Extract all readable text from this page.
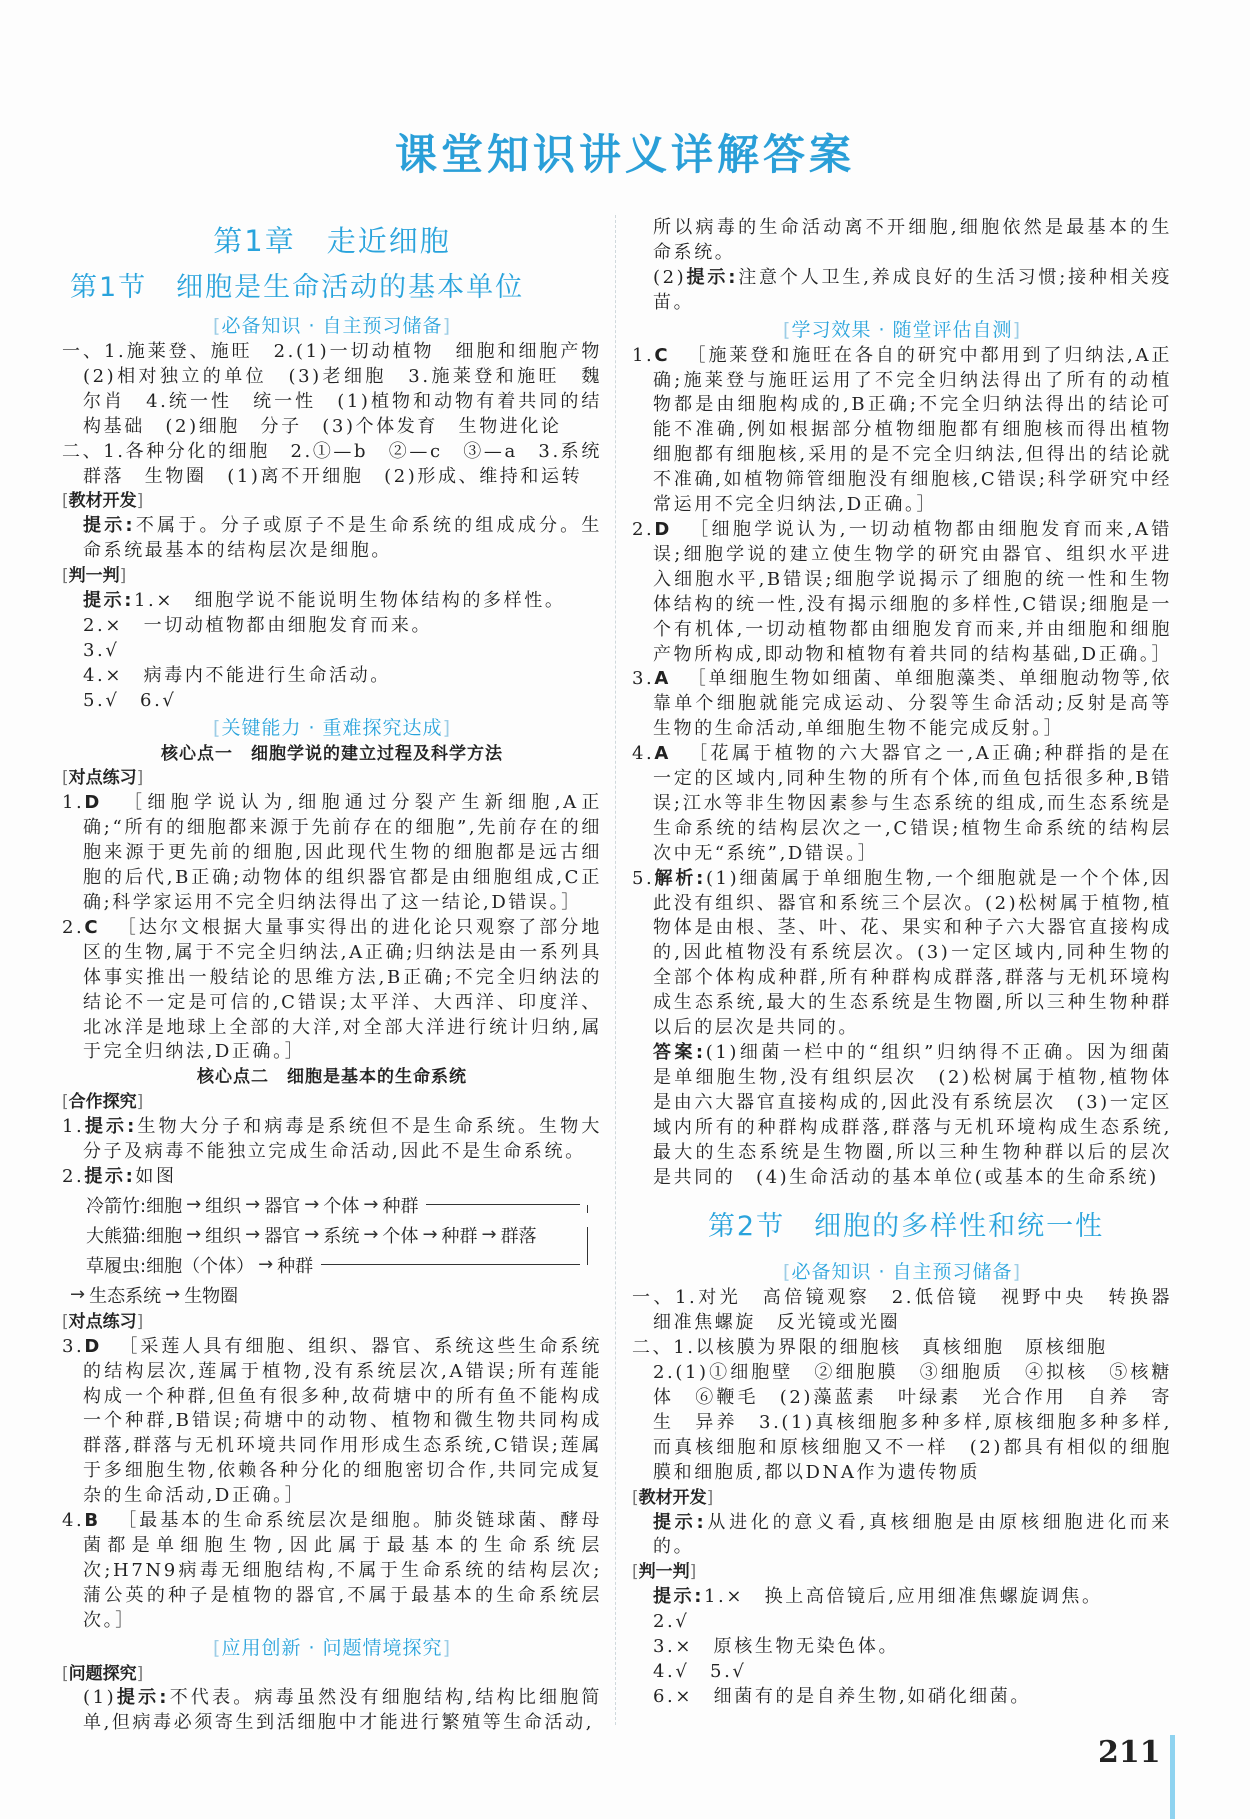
课堂知识讲义详解答案
第1章　走近细胞
第1节　细胞是生命活动的基本单位
[必备知识 · 自主预习储备]
一、1.施莱登、施旺　2.(1)一切动植物　细胞和细胞产物　(2)相对独立的单位　(3)老细胞　3.施莱登和施旺　魏尔肖　4.统一性　统一性　(1)植物和动物有着共同的结构基础　(2)细胞　分子　(3)个体发育　生物进化论
二、1.各种分化的细胞　2.①—b　②—c　③—a　3.系统　群落　生物圈　(1)离不开细胞　(2)形成、维持和运转
[教材开发]
提示:不属于。分子或原子不是生命系统的组成成分。生命系统最基本的结构层次是细胞。
[判一判]
提示:1.×　细胞学说不能说明生物体结构的多样性。
2.×　一切动植物都由细胞发育而来。
3.√
4.×　病毒内不能进行生命活动。
5.√　6.√
[关键能力 · 重难探究达成]
核心点一　细胞学说的建立过程及科学方法
[对点练习]
1.D ［细胞学说认为,细胞通过分裂产生新细胞,A正确;“所有的细胞都来源于先前存在的细胞”,先前存在的细胞来源于更先前的细胞,因此现代生物的细胞都是远古细胞的后代,B正确;动物体的组织器官都是由细胞组成,C正确;科学家运用不完全归纳法得出了这一结论,D错误。］
2.C ［达尔文根据大量事实得出的进化论只观察了部分地区的生物,属于不完全归纳法,A正确;归纳法是由一系列具体事实推出一般结论的思维方法,B正确;不完全归纳法的结论不一定是可信的,C错误;太平洋、大西洋、印度洋、北冰洋是地球上全部的大洋,对全部大洋进行统计归纳,属于完全归纳法,D正确。］
核心点二　细胞是基本的生命系统
[合作探究]
1.提示:生物大分子和病毒是系统但不是生命系统。生物大分子及病毒不能独立完成生命活动,因此不是生命系统。
2.提示:如图
冷箭竹: 细胞 → 组织 → 器官 → 个体 → 种群
大熊猫: 细胞 → 组织 → 器官 → 系统 → 个体 → 种群 → 群落
草履虫: 细胞（个体） → 种群
→ 生态系统 → 生物圈
[对点练习]
3.D ［采莲人具有细胞、组织、器官、系统这些生命系统的结构层次,莲属于植物,没有系统层次,A错误;所有莲能构成一个种群,但鱼有很多种,故荷塘中的所有鱼不能构成一个种群,B错误;荷塘中的动物、植物和微生物共同构成群落,群落与无机环境共同作用形成生态系统,C错误;莲属于多细胞生物,依赖各种分化的细胞密切合作,共同完成复杂的生命活动,D正确。］
4.B ［最基本的生命系统层次是细胞。肺炎链球菌、酵母菌都是单细胞生物,因此属于最基本的生命系统层次;H7N9病毒无细胞结构,不属于生命系统的结构层次;蒲公英的种子是植物的器官,不属于最基本的生命系统层次。］
[应用创新 · 问题情境探究]
[问题探究]
(1)提示:不代表。病毒虽然没有细胞结构,结构比细胞简单,但病毒必须寄生到活细胞中才能进行繁殖等生命活动,
所以病毒的生命活动离不开细胞,细胞依然是最基本的生命系统。
(2)提示:注意个人卫生,养成良好的生活习惯;接种相关疫苗。
[学习效果 · 随堂评估自测]
1.C ［施莱登和施旺在各自的研究中都用到了归纳法,A正确;施莱登与施旺运用了不完全归纳法得出了所有的动植物都是由细胞构成的,B正确;不完全归纳法得出的结论可能不准确,例如根据部分植物细胞都有细胞核而得出植物细胞都有细胞核,采用的是不完全归纳法,但得出的结论就不准确,如植物筛管细胞没有细胞核,C错误;科学研究中经常运用不完全归纳法,D正确。］
2.D ［细胞学说认为,一切动植物都由细胞发育而来,A错误;细胞学说的建立使生物学的研究由器官、组织水平进入细胞水平,B错误;细胞学说揭示了细胞的统一性和生物体结构的统一性,没有揭示细胞的多样性,C错误;细胞是一个有机体,一切动植物都由细胞发育而来,并由细胞和细胞产物所构成,即动物和植物有着共同的结构基础,D正确。］
3.A ［单细胞生物如细菌、单细胞藻类、单细胞动物等,依靠单个细胞就能完成运动、分裂等生命活动;反射是高等生物的生命活动,单细胞生物不能完成反射。］
4.A ［花属于植物的六大器官之一,A正确;种群指的是在一定的区域内,同种生物的所有个体,而鱼包括很多种,B错误;江水等非生物因素参与生态系统的组成,而生态系统是生命系统的结构层次之一,C错误;植物生命系统的结构层次中无“系统”,D错误。］
5.解析:(1)细菌属于单细胞生物,一个细胞就是一个个体,因此没有组织、器官和系统三个层次。(2)松树属于植物,植物体是由根、茎、叶、花、果实和种子六大器官直接构成的,因此植物没有系统层次。(3)一定区域内,同种生物的全部个体构成种群,所有种群构成群落,群落与无机环境构成生态系统,最大的生态系统是生物圈,所以三种生物种群以后的层次是共同的。
答案:(1)细菌一栏中的“组织”归纳得不正确。因为细菌是单细胞生物,没有组织层次　(2)松树属于植物,植物体是由六大器官直接构成的,因此没有系统层次　(3)一定区域内所有的种群构成群落,群落与无机环境构成生态系统,最大的生态系统是生物圈,所以三种生物种群以后的层次是共同的　(4)生命活动的基本单位(或基本的生命系统)
第2节　细胞的多样性和统一性
[必备知识 · 自主预习储备]
一、1.对光　高倍镜观察　2.低倍镜　视野中央　转换器　细准焦螺旋　反光镜或光圈
二、1.以核膜为界限的细胞核　真核细胞　原核细胞
2.(1)①细胞壁　②细胞膜　③细胞质　④拟核　⑤核糖体　⑥鞭毛　(2)藻蓝素　叶绿素　光合作用　自养　寄生　异养　3.(1)真核细胞多种多样,原核细胞多种多样,而真核细胞和原核细胞又不一样　(2)都具有相似的细胞膜和细胞质,都以DNA作为遗传物质
[教材开发]
提示:从进化的意义看,真核细胞是由原核细胞进化而来的。
[判一判]
提示:1.×　换上高倍镜后,应用细准焦螺旋调焦。
2.√
3.×　原核生物无染色体。
4.√　5.√
6.×　细菌有的是自养生物,如硝化细菌。
211
